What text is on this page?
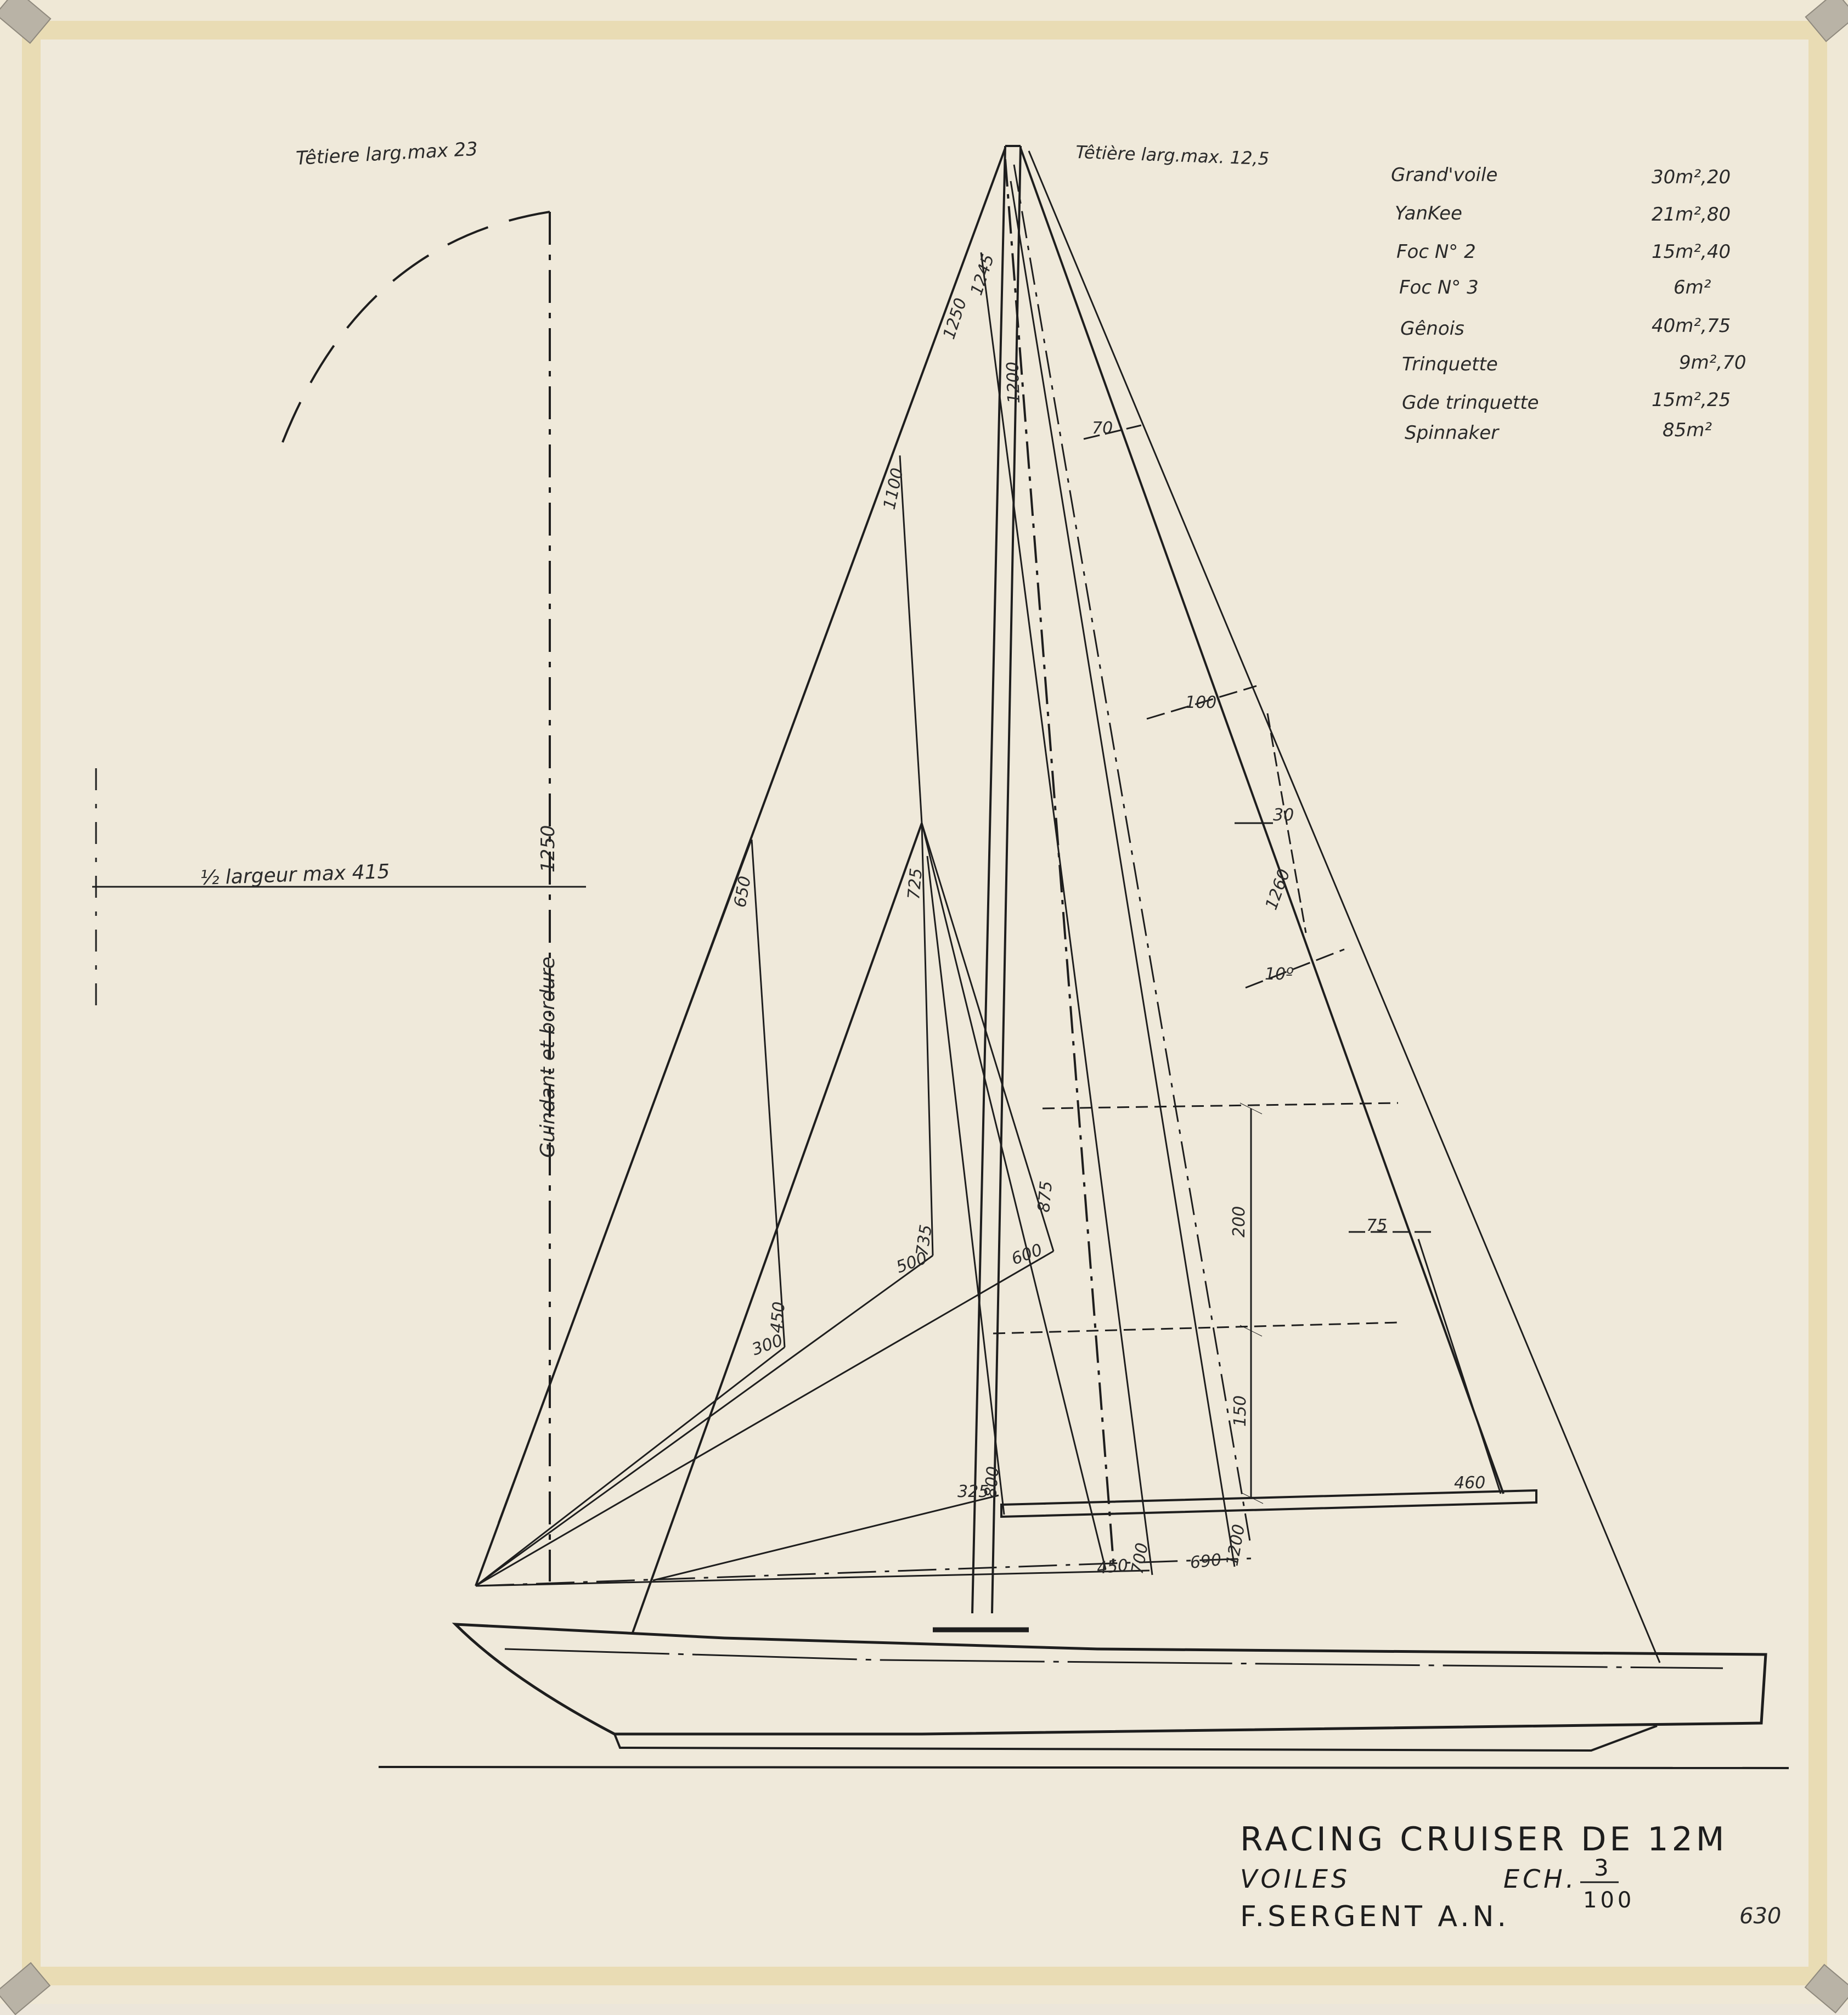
Têtiere larg.max 23	Têtière larg.max. 12,5
Grand'voile	30m²,20
YanKee	21m²,80
Foc N° 2	15m²,40
Foc N° 3	6m²
Gênois	40m²,75
Trinquette	9m²,70
Gde trinquette	15m²,25
Spinnaker	85m²
½ largeur max 415
Guindant et bordure
1250
1245
1250
1200
1100
70
100
30
1260
10º
650	725
200	75
875
735
500	600
450
300
150
800
325	460
450
700 690 1200
RACING CRUISER DE 12M
VOILES	ECH. 3
100
F.SERGENT A.N.	630
